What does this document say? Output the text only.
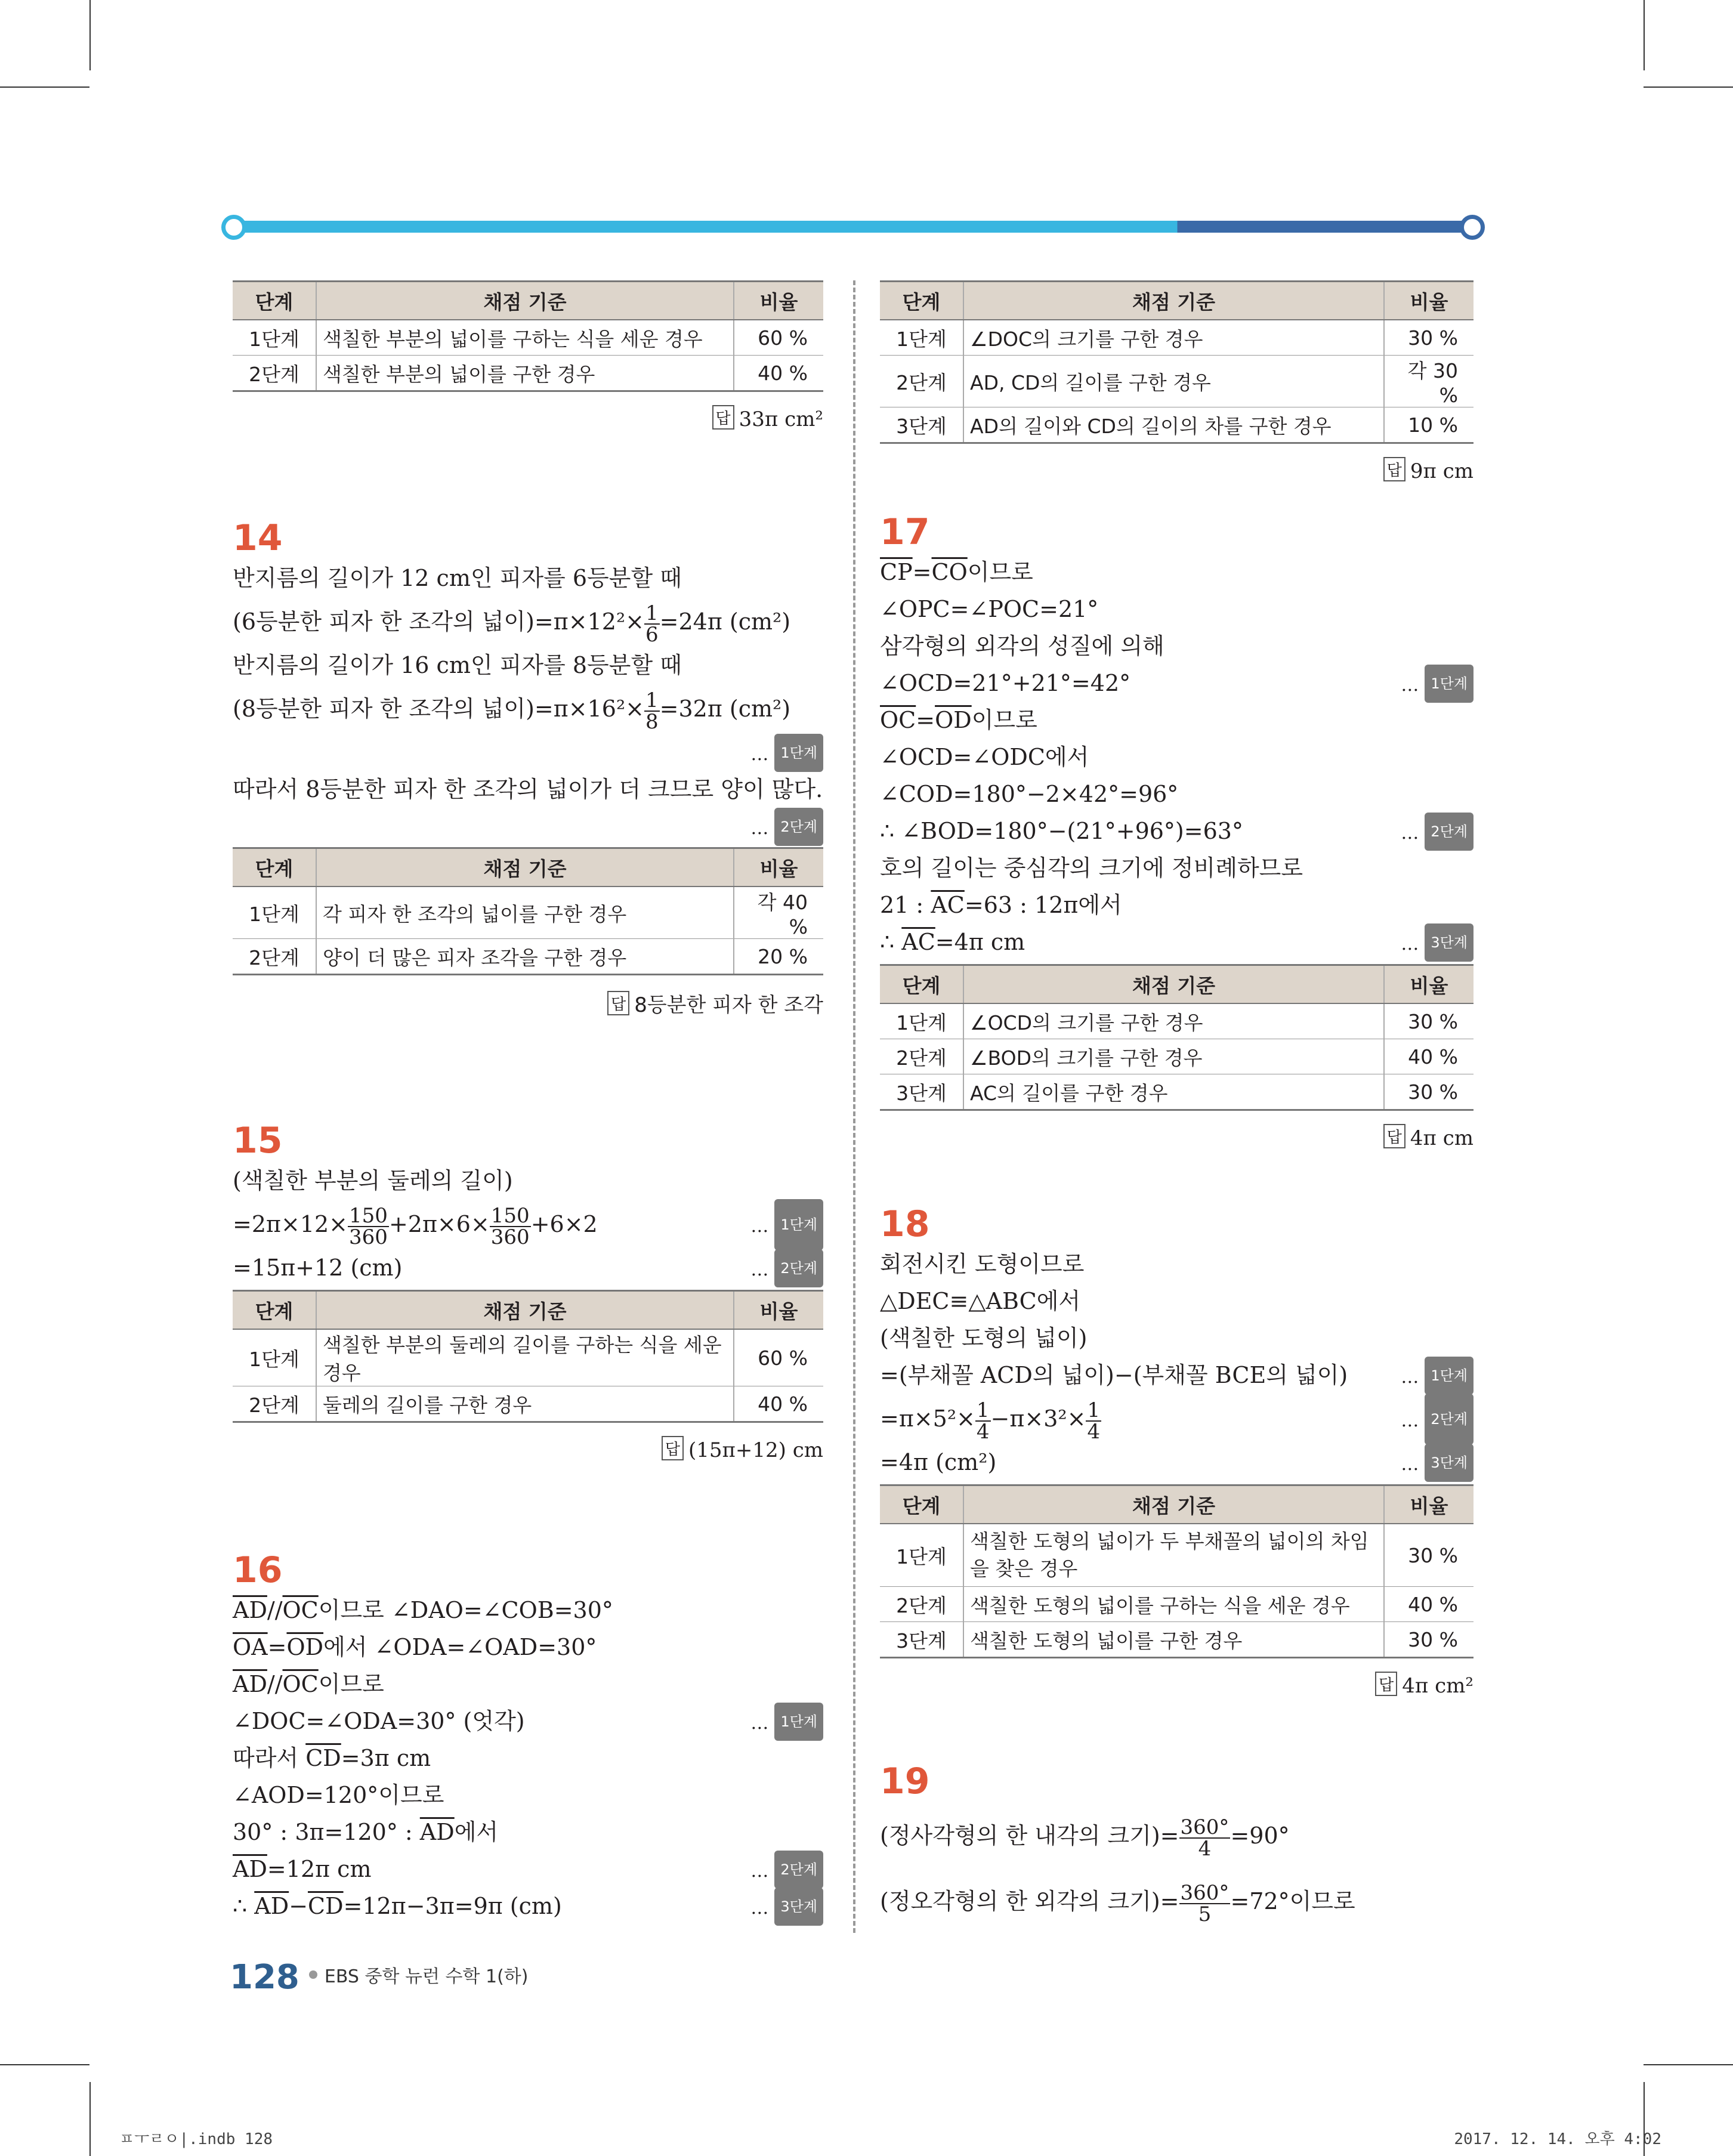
단계	채점 기준	비율
1단계	색칠한 부분의 넓이를 구하는 식을 세운 경우	60 %
2단계	색칠한 부분의 넓이를 구한 경우	40 %
답 33π cm²
14
반지름의 길이가 12 cm인 피자를 6등분할 때
(6등분한 피자 한 조각의 넓이)$=\pi\times 12^2\times \frac{1}{6} =24\pi$ (cm²)
반지름의 길이가 16 cm인 피자를 8등분할 때
(8등분한 피자 한 조각의 넓이)$=\pi\times 16^2\times \frac{1}{8} =32\pi$ (cm²)
… 1단계
따라서 8등분한 피자 한 조각의 넓이가 더 크므로 양이 많다.
… 2단계
단계	채점 기준	비율
1단계	각 피자 한 조각의 넓이를 구한 경우	각 40 %
2단계	양이 더 많은 피자 조각을 구한 경우	20 %
답 8등분한 피자 한 조각
15
(색칠한 부분의 둘레의 길이)
$=2\pi\times 12\times \frac{150}{360} +2\pi\times 6\times \frac{150}{360} +6\times 2$	… 1단계
=15π+12 (cm)	… 2단계
단계	채점 기준	비율
1단계	색칠한 부분의 둘레의 길이를 구하는 식을 세운 경우	60 %
2단계	둘레의 길이를 구한 경우	40 %
답 (15π+12) cm
16
$\overline{AD}//\overline{OC}$이므로 ∠DAO=∠COB=30°
$\overline{OA}=\overline{OD}$에서 ∠ODA=∠OAD=30°
$\overline{AD}//\overline{OC}$이므로
∠DOC=∠ODA=30° (엇각)	… 1단계
따라서 $\overline{CD}=3\pi$ cm
∠AOD=120°이므로
30° : 3π=120° : $\overline{AD}$에서
$\overline{AD}=12\pi$ cm	… 2단계
∴ $\overline{AD}-\overline{CD}=12\pi-3\pi=9\pi$ (cm)	… 3단계
단계	채점 기준	비율
1단계	∠DOC의 크기를 구한 경우	30 %
2단계	AD, CD의 길이를 구한 경우	각 30 %
3단계	AD의 길이와 CD의 길이의 차를 구한 경우	10 %
답 9π cm
17
$\overline{CP}=\overline{CO}$이므로
∠OPC=∠POC=21°
삼각형의 외각의 성질에 의해
∠OCD=21°+21°=42°	… 1단계
$\overline{OC}=\overline{OD}$이므로
∠OCD=∠ODC에서
∠COD=180°−2×42°=96°
∴ ∠BOD=180°−(21°+96°)=63°	… 2단계
호의 길이는 중심각의 크기에 정비례하므로
21 : $\overline{AC}=63$ : 12π에서
∴ $\overline{AC}=4\pi$ cm	… 3단계
단계	채점 기준	비율
1단계	∠OCD의 크기를 구한 경우	30 %
2단계	∠BOD의 크기를 구한 경우	40 %
3단계	AC의 길이를 구한 경우	30 %
답 4π cm
18
회전시킨 도형이므로
△DEC≡△ABC에서
(색칠한 도형의 넓이)
=(부채꼴 ACD의 넓이)−(부채꼴 BCE의 넓이)	… 1단계
$=\pi\times 5^2\times \frac{1}{4} -\pi\times 3^2\times \frac{1}{4}$	… 2단계
=4π (cm²)	… 3단계
단계	채점 기준	비율
1단계	색칠한 도형의 넓이가 두 부채꼴의 넓이의 차임을 찾은 경우	30 %
2단계	색칠한 도형의 넓이를 구하는 식을 세운 경우	40 %
3단계	색칠한 도형의 넓이를 구한 경우	30 %
답 4π cm²
19
(정사각형의 한 내각의 크기)= $\frac{360^\circ}{4} =90^\circ$
(정오각형의 한 외각의 크기)= $\frac{360^\circ}{5} =72^\circ$이므로
128 EBS 중학 뉴런 수학 1(하)
ㅍㅜㄹㅇ|.indb 128	2017. 12. 14. 오후 4:02
